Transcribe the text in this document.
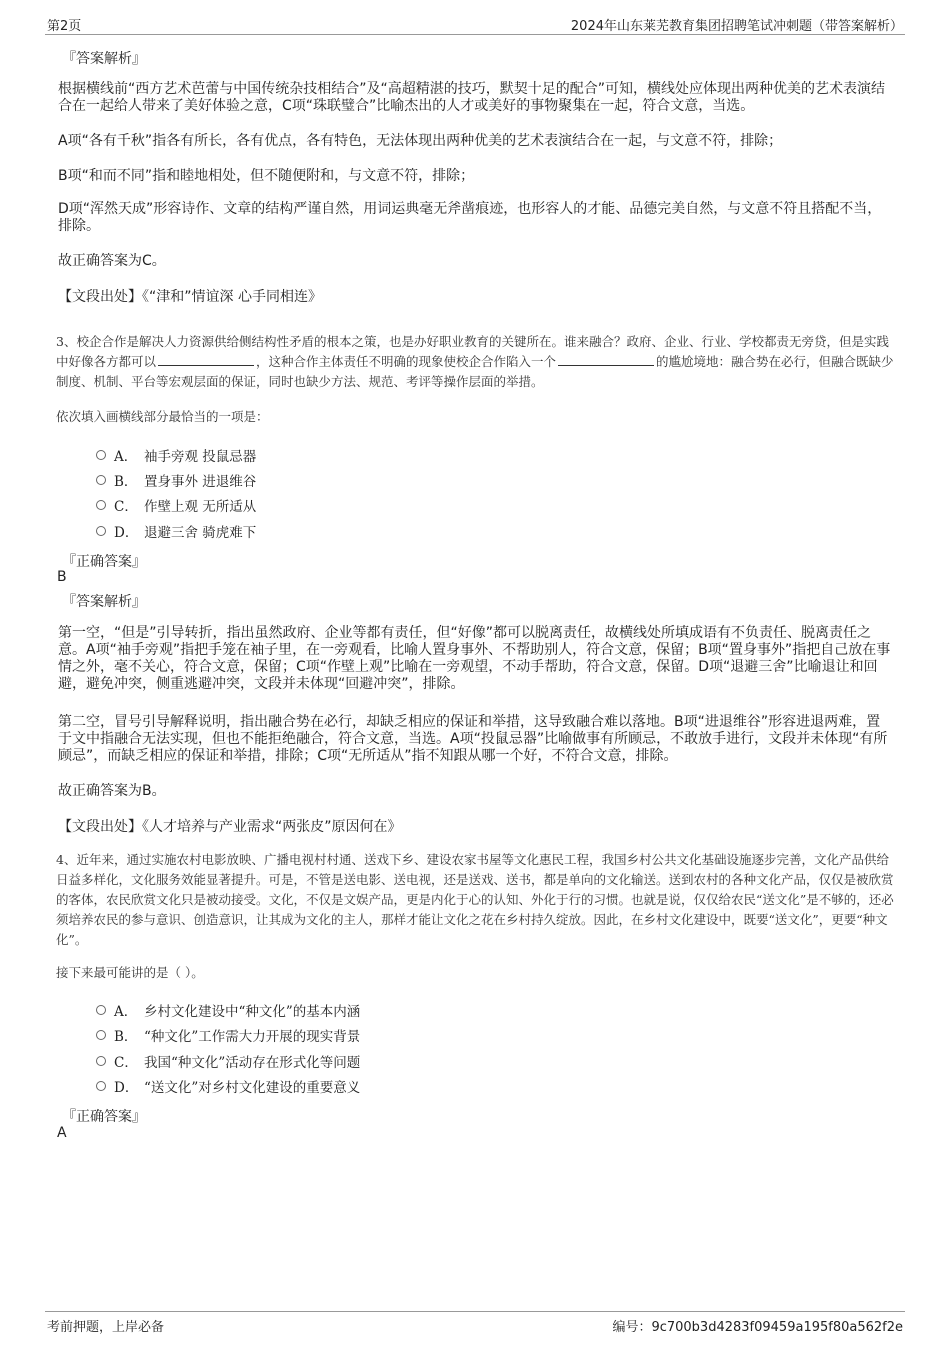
第2页	2024年山东莱芜教育集团招聘笔试冲刺题（带答案解析）
『答案解析』
根据横线前“西方艺术芭蕾与中国传统杂技相结合”及“高超精湛的技巧，默契十足的配合”可知，横线处应体现出两种优美的艺术表演结合在一起给人带来了美好体验之意，C项“珠联璧合”比喻杰出的人才或美好的事物聚集在一起，符合文意，当选。
A项“各有千秋”指各有所长，各有优点，各有特色，无法体现出两种优美的艺术表演结合在一起，与文意不符，排除；
B项“和而不同”指和睦地相处，但不随便附和，与文意不符，排除；
D项“浑然天成”形容诗作、文章的结构严谨自然，用词运典毫无斧凿痕迹，也形容人的才能、品德完美自然，与文意不符且搭配不当，排除。
故正确答案为C。
【文段出处】《“津和”情谊深 心手同相连》
3、校企合作是解决人力资源供给侧结构性矛盾的根本之策，也是办好职业教育的关键所在。谁来融合？政府、企业、行业、学校都责无旁贷，但是实践中好像各方都可以	，这种合作主体责任不明确的现象使校企合作陷入一个	的尴尬境地：融合势在必行，但融合既缺少制度、机制、平台等宏观层面的保证，同时也缺少方法、规范、考评等操作层面的举措。
依次填入画横线部分最恰当的一项是：
A． 袖手旁观 投鼠忌器
B． 置身事外 进退维谷
C． 作壁上观 无所适从
D． 退避三舍 骑虎难下
『正确答案』
B
『答案解析』
第一空，“但是”引导转折，指出虽然政府、企业等都有责任，但“好像”都可以脱离责任，故横线处所填成语有不负责任、脱离责任之意。A项“袖手旁观”指把手笼在袖子里，在一旁观看，比喻人置身事外、不帮助别人，符合文意，保留；B项“置身事外”指把自己放在事情之外，毫不关心，符合文意，保留；C项“作壁上观”比喻在一旁观望，不动手帮助，符合文意，保留。D项“退避三舍”比喻退让和回避，避免冲突，侧重逃避冲突，文段并未体现“回避冲突”，排除。
第二空，冒号引导解释说明，指出融合势在必行，却缺乏相应的保证和举措，这导致融合难以落地。B项“进退维谷”形容进退两难，置于文中指融合无法实现，但也不能拒绝融合，符合文意，当选。A项“投鼠忌器”比喻做事有所顾忌，不敢放手进行，文段并未体现“有所顾忌”，而缺乏相应的保证和举措，排除；C项“无所适从”指不知跟从哪一个好，不符合文意，排除。
故正确答案为B。
【文段出处】《人才培养与产业需求“两张皮”原因何在》
4、近年来，通过实施农村电影放映、广播电视村村通、送戏下乡、建设农家书屋等文化惠民工程，我国乡村公共文化基础设施逐步完善，文化产品供给日益多样化，文化服务效能显著提升。可是，不管是送电影、送电视，还是送戏、送书，都是单向的文化输送。送到农村的各种文化产品，仅仅是被欣赏的客体，农民欣赏文化只是被动接受。文化，不仅是文娱产品，更是内化于心的认知、外化于行的习惯。也就是说，仅仅给农民“送文化”是不够的，还必须培养农民的参与意识、创造意识，让其成为文化的主人，那样才能让文化之花在乡村持久绽放。因此，在乡村文化建设中，既要“送文化”，更要“种文化”。
接下来最可能讲的是（ ）。
A． 乡村文化建设中“种文化”的基本内涵
B． “种文化”工作需大力开展的现实背景
C． 我国“种文化”活动存在形式化等问题
D． “送文化”对乡村文化建设的重要意义
『正确答案』
A
考前押题，上岸必备	编号：9c700b3d4283f09459a195f80a562f2e
